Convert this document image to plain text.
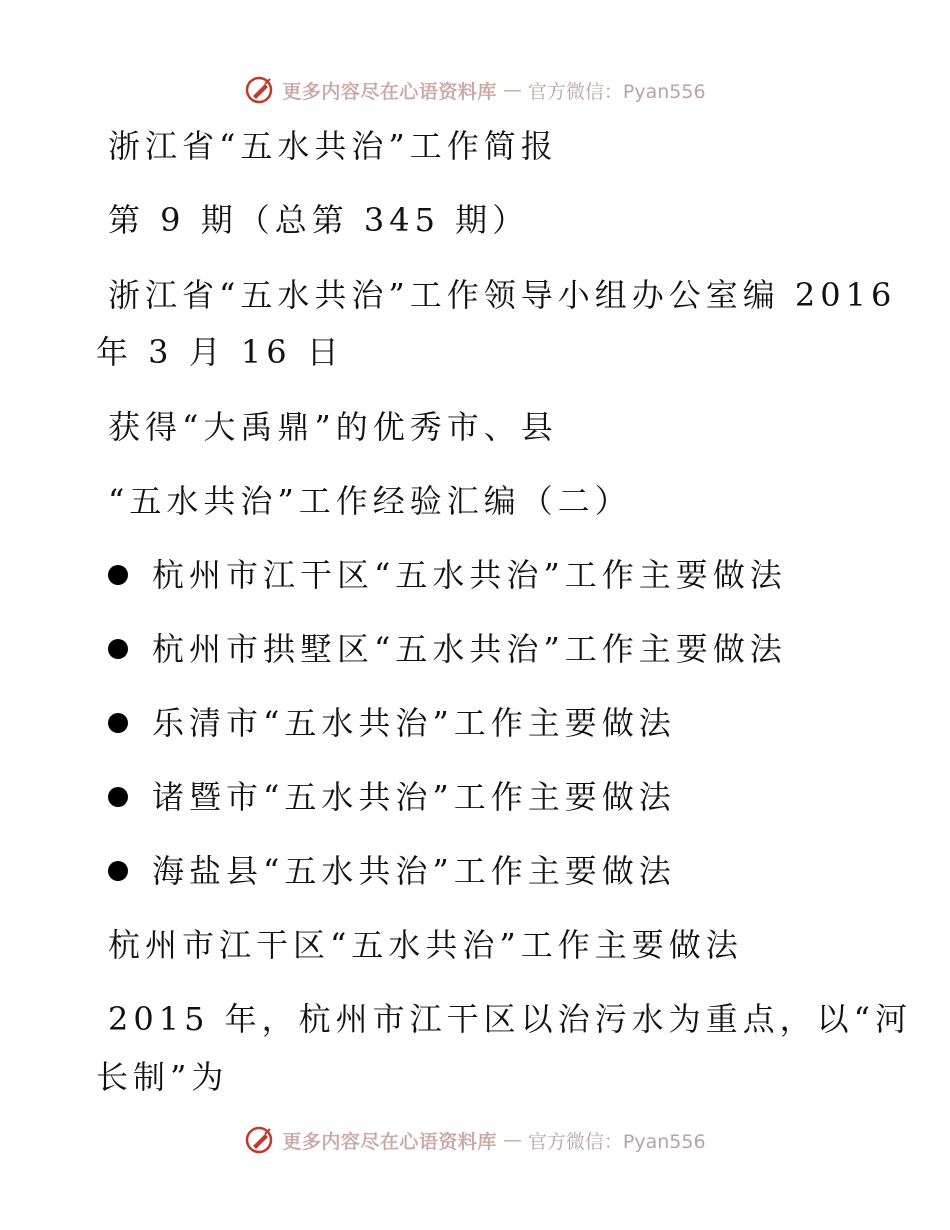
更多内容尽在心语资料库 — 官方微信：Pyan556
浙江省“五水共治”工作简报
第 9 期（总第 345 期）
浙江省“五水共治”工作领导小组办公室编 2016
年 3 月 16 日
获得“大禹鼎”的优秀市、县
“五水共治”工作经验汇编（二）
杭州市江干区“五水共治”工作主要做法
杭州市拱墅区“五水共治”工作主要做法
乐清市“五水共治”工作主要做法
诸暨市“五水共治”工作主要做法
海盐县“五水共治”工作主要做法
杭州市江干区“五水共治”工作主要做法
2015 年，杭州市江干区以治污水为重点，以“河
长制”为
更多内容尽在心语资料库 — 官方微信：Pyan556
